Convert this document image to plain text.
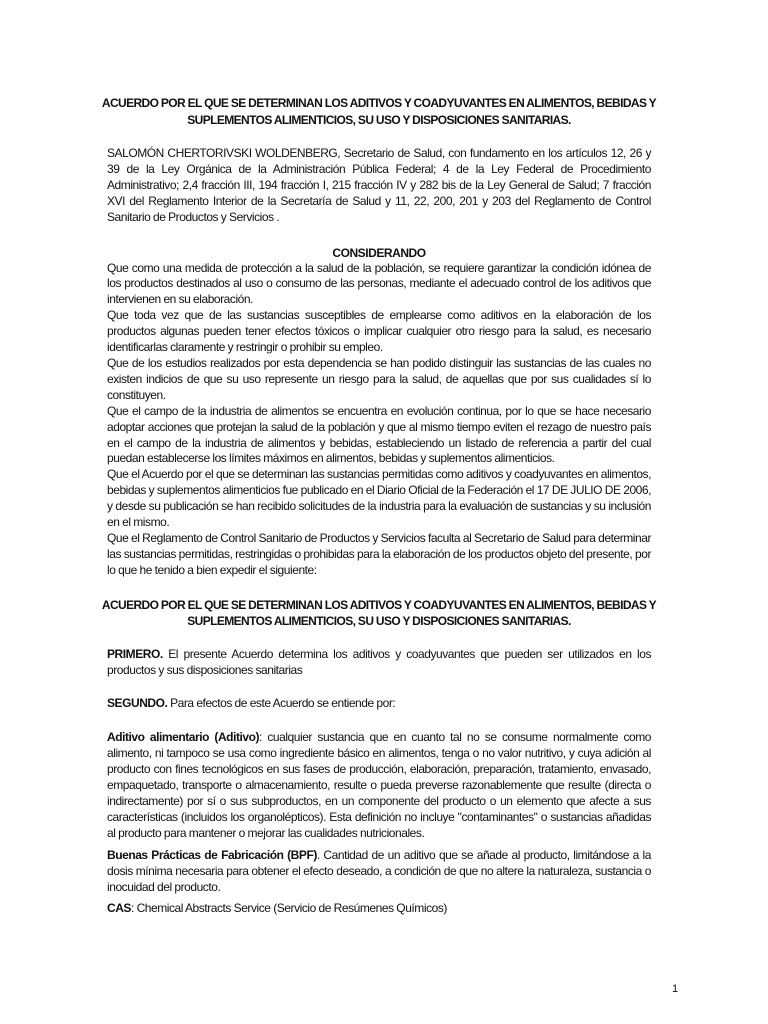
ACUERDO POR EL QUE SE DETERMINAN LOS ADITIVOS Y COADYUVANTES EN ALIMENTOS, BEBIDAS Y SUPLEMENTOS ALIMENTICIOS, SU USO Y DISPOSICIONES SANITARIAS.

SALOMÓN CHERTORIVSKI WOLDENBERG, Secretario de Salud, con fundamento en los artículos 12, 26 y 39 de la Ley Orgánica de la Administración Pública Federal; 4 de la Ley Federal de Procedimiento Administrativo; 2,4 fracción III, 194 fracción I, 215 fracción IV y 282 bis de la Ley General de Salud; 7 fracción XVI del Reglamento Interior de la Secretaría de Salud y 11, 22, 200, 201 y 203 del Reglamento de Control Sanitario de Productos y Servicios .

CONSIDERANDO

Que como una medida de protección a la salud de la población, se requiere garantizar la condición idónea de los productos destinados al uso o consumo de las personas, mediante el adecuado control de los aditivos que intervienen en su elaboración.

Que toda vez que de las sustancias susceptibles de emplearse como aditivos en la elaboración de los productos algunas pueden tener efectos tóxicos o implicar cualquier otro riesgo para la salud, es necesario identificarlas claramente y restringir o prohibir su empleo.

Que de los estudios realizados por esta dependencia se han podido distinguir las sustancias de las cuales no existen indicios de que su uso represente un riesgo para la salud, de aquellas que por sus cualidades sí lo constituyen.

Que el campo de la industria de alimentos se encuentra en evolución continua, por lo que se hace necesario adoptar acciones que protejan la salud de la población y que al mismo tiempo eviten el rezago de nuestro país en el campo de la industria de alimentos y bebidas, estableciendo un listado de referencia a partir del cual puedan establecerse los límites máximos en alimentos, bebidas y suplementos alimenticios.

Que el Acuerdo por el que se determinan las sustancias permitidas como aditivos y coadyuvantes en alimentos, bebidas y suplementos alimenticios fue publicado en el Diario Oficial de la Federación el 17 DE JULIO DE 2006, y desde su publicación se han recibido solicitudes de la industria para la evaluación de sustancias y su inclusión en el mismo.

Que el Reglamento de Control Sanitario de Productos y Servicios faculta al Secretario de Salud para determinar las sustancias permitidas, restringidas o prohibidas para la elaboración de los productos objeto del presente, por lo que he tenido a bien expedir el siguiente:

ACUERDO POR EL QUE SE DETERMINAN LOS ADITIVOS Y COADYUVANTES EN ALIMENTOS, BEBIDAS Y SUPLEMENTOS ALIMENTICIOS, SU USO Y DISPOSICIONES SANITARIAS.

PRIMERO. El presente Acuerdo determina los aditivos y coadyuvantes que pueden ser utilizados en los productos y sus disposiciones sanitarias

SEGUNDO. Para efectos de este Acuerdo se entiende por:

Aditivo alimentario (Aditivo): cualquier sustancia que en cuanto tal no se consume normalmente como alimento, ni tampoco se usa como ingrediente básico en alimentos, tenga o no valor nutritivo, y cuya adición al producto con fines tecnológicos en sus fases de producción, elaboración, preparación, tratamiento, envasado, empaquetado, transporte o almacenamiento, resulte o pueda preverse razonablemente que resulte (directa o indirectamente) por sí o sus subproductos, en un componente del producto o un elemento que afecte a sus características (incluidos los organolépticos). Esta definición no incluye "contaminantes" o sustancias añadidas al producto para mantener o mejorar las cualidades nutricionales.

Buenas Prácticas de Fabricación (BPF). Cantidad de un aditivo que se añade al producto, limitándose a la dosis mínima necesaria para obtener el efecto deseado, a condición de que no altere la naturaleza, sustancia o inocuidad del producto.

CAS: Chemical Abstracts Service (Servicio de Resúmenes Químicos)

1
